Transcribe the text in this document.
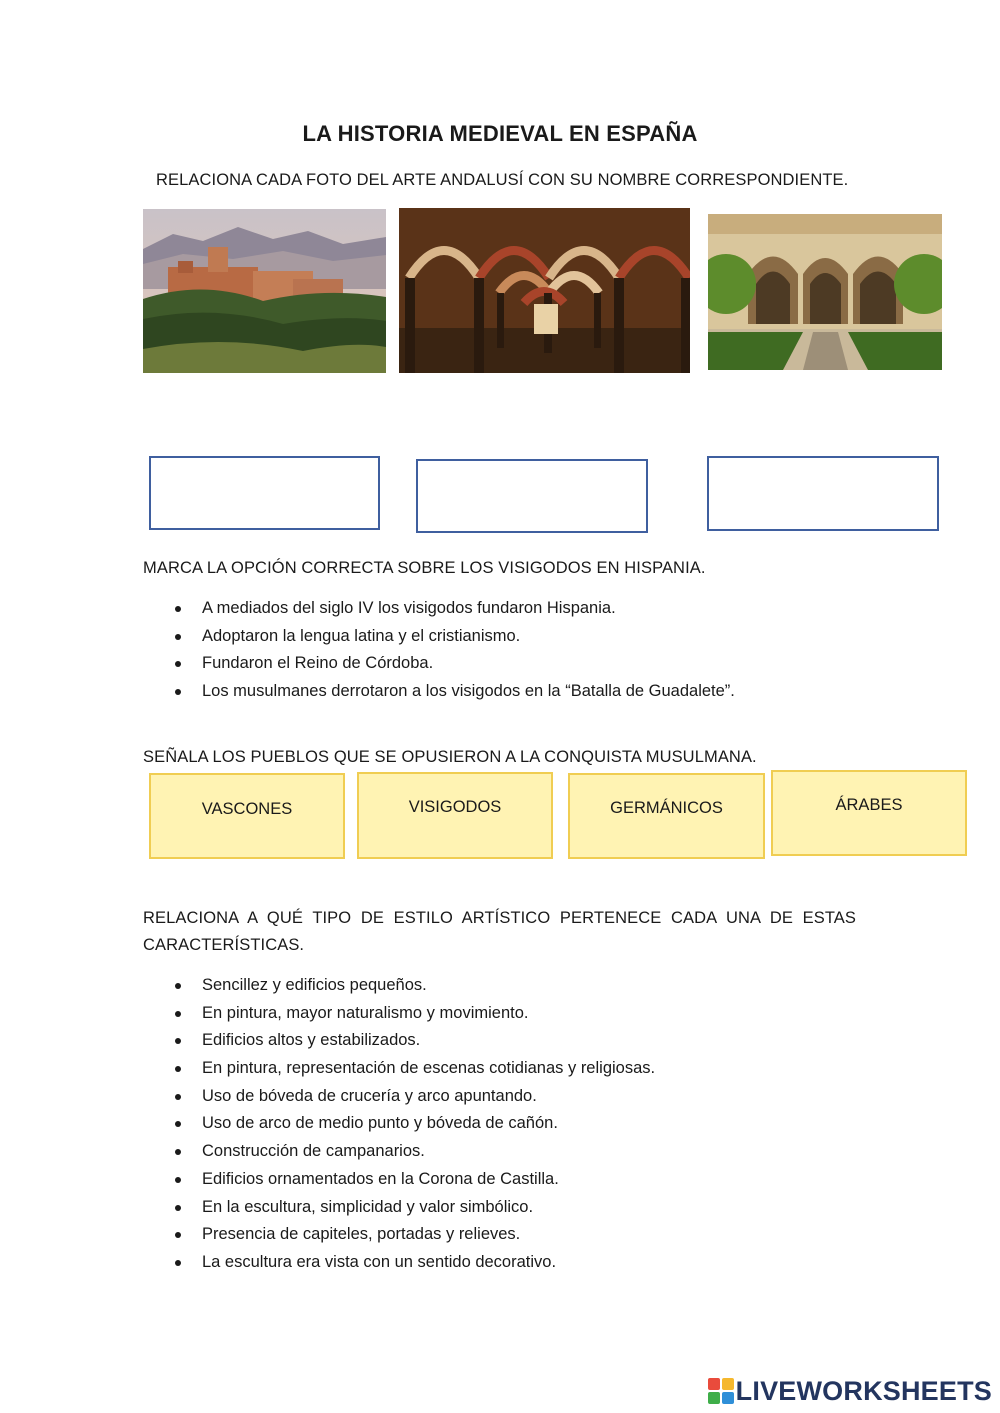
LA HISTORIA MEDIEVAL EN ESPAÑA
RELACIONA CADA FOTO DEL ARTE ANDALUSÍ CON SU NOMBRE CORRESPONDIENTE.
MARCA LA OPCIÓN CORRECTA SOBRE LOS VISIGODOS EN HISPANIA.
A mediados del siglo IV los visigodos fundaron Hispania.
Adoptaron la lengua latina y el cristianismo.
Fundaron el Reino de Córdoba.
Los musulmanes derrotaron a los visigodos en la “Batalla de Guadalete”.
SEÑALA LOS PUEBLOS QUE SE OPUSIERON A LA CONQUISTA MUSULMANA.
VASCONES	VISIGODOS	GERMÁNICOS	ÁRABES
RELACIONA A QUÉ TIPO DE ESTILO ARTÍSTICO PERTENECE CADA UNA DE ESTAS CARACTERÍSTICAS.
Sencillez y edificios pequeños.
En pintura, mayor naturalismo y movimiento.
Edificios altos y estabilizados.
En pintura, representación de escenas cotidianas y religiosas.
Uso de bóveda de crucería y arco apuntando.
Uso de arco de medio punto y bóveda de cañón.
Construcción de campanarios.
Edificios ornamentados en la Corona de Castilla.
En la escultura, simplicidad y valor simbólico.
Presencia de capiteles, portadas y relieves.
La escultura era vista con un sentido decorativo.
LIVEWORKSHEETS
